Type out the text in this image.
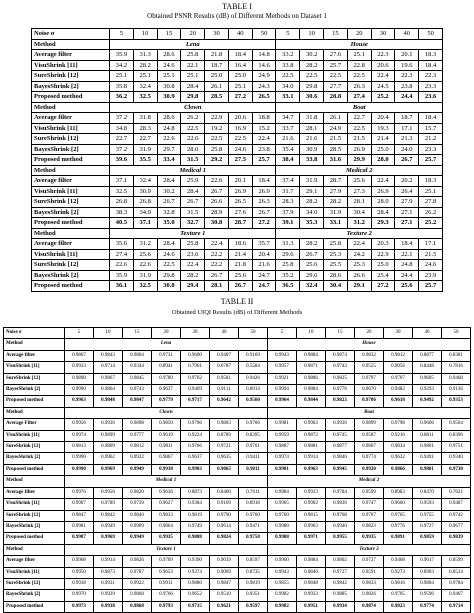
TABLE I
Obtained PSNR Results (dB) of Different Methods on Dataset 1
Noise σ	5	10	15	20	30	40	50	5	10	15	20	30	40	50
Method	Lena							House						
Average filter	35.9	31.3	28.6	25.8	21.8	18.4	14.8	33.2	30.2	27.6	25.1	22.3	20.1	18.3
VisuShrink [11]	34.2	28.2	24.6	22.1	18.7	16.4	14.6	33.8	28.2	25.7	22.8	20.6	19.6	18.4
SureShrink [12]	25.1	25.1	25.1	25.1	25.0	25.0	24.9	22.5	22.5	22.5	22.5	22.4	22.3	22.3
BayesShrink [2]	35.8	32.4	30.8	28.4	26.1	25.1	24.3	34.0	29.8	27.7	26.3	24.5	23.8	23.3
Proposed method	36.2	32.5	30.9	29.8	28.5	27.2	26.5	33.1	30.6	28.8	27.4	25.2	24.4	23.6
Method	Clown							Boat						
Average filter	37.2	31.8	28.6	26.2	22.9	20.6	18.8	34.7	31.8	26.1	22.7	20.4	18.7	18.4
VisuShrink [11]	34.8	28.3	24.8	22.5	19.2	16.9	15.2	33.7	28.1	24.9	22.5	19.3	17.1	15.7
SureShrink [12]	22.7	22.7	22.6	22.6	22.5	22.5	22.4	21.6	21.6	21.5	21.5	21.4	21.3	21.2
BayesShrink [2]	37.2	31.9	29.7	28.0	25.8	24.6	23.8	35.4	30.9	28.5	26.9	25.0	24.0	23.3
Proposed method	39.6	35.5	33.4	31.5	29.2	27.5	25.7	38.4	33.8	31.6	29.9	28.0	26.7	25.7
Method	Medical 1							Medical 2						
Average filter	37.1	32.4	28.4	25.9	22.6	20.1	18.4	37.4	31.9	28.7	25.6	22.4	20.2	18.3
VisuShrink [11]	32.5	30.9	30.2	28.4	26.7	26.9	26.9	31.7	29.1	27.9	27.3	26.9	26.4	25.1
SureShrink [12]	26.8	26.8	26.7	26.7	26.6	26.5	26.3	28.3	28.2	28.2	28.1	28.0	27.9	27.8
BayesShrink [2]	38.3	34.9	32.8	31.5	28.9	27.6	26.7	37.9	34.0	31.9	30.4	28.4	27.1	26.2
Proposed method	40.5	37.1	35.0	32.7	30.8	28.7	27.2	39.1	35.3	33.1	31.2	29.3	27.1	25.2
Method	Texture 1							Texture 2						
Average filter	35.6	31.2	28.4	25.8	22.4	18.6	35.7	31.3	28.2	25.8	22.4	20.3	18.4	17.1
VisuShrink [11]	27.4	25.6	24.6	23.6	22.2	21.4	20.4	29.6	26.7	25.3	24.2	22.9	22.1	21.5
SureShrink [12]	22.6	22.6	22.5	22.4	22.2	21.8	21.6	25.8	25.6	25.5	25.3	25.0	24.8	24.6
BayesShrink [2]	35.9	31.9	29.8	28.2	26.7	25.6	24.7	35.2	29.6	28.6	26.6	25.4	24.4	23.9
Proposed method	36.1	32.5	30.8	29.4	28.1	26.7	24.7	36.5	32.4	30.4	29.1	27.2	25.6	25.7
TABLE II
Obtained UIQI Results (dB) of Different Methods
Noise σ	5	10	15	20	30	40	50	5	10	15	20	30	40	50
Method	Lena							House						
Average filter	0.9867	0.9843	0.9804	0.9731	0.9600	0.9407	0.9169	0.9943	0.9884	0.9874	0.9832	0.9812	0.8877	0.8381
VisuShrink [11]	0.9933	0.9714	0.9344	0.8941	0.7961	0.6787	0.5584	0.9957	0.9871	0.9743	0.9555	0.9056	0.8448	0.7816
SureShrink [12]	0.9890	0.9867	0.9845	0.9789	0.9702	0.9581	0.9426	0.9921	0.9886	0.9825	0.9797	0.9707	0.9605	0.9468
BayesShrink [2]	0.9990	0.9864	0.9743	0.9637	0.9469	0.9111	0.8914	0.9994	0.9884	0.9776	0.9670	0.9482	0.9293	0.9136
Proposed method	0.9963	0.9848	0.9847	0.9779	0.9717	0.9642	0.9560	0.9964	0.9844	0.9823	0.9786	0.9618	0.9492	0.9353
Method	Clown							Boat						
Average Filter	0.9956	0.9936	0.9898	0.9850	0.9706	0.9803	0.9706	0.9981	0.9963	0.9936	0.9899	0.9798	0.9666	0.9504
VisuShrink [11]	0.9974	0.9899	0.9777	0.9619	0.9224	0.8789	0.8395	0.9959	0.9872	0.9745	0.9587	0.9216	0.8811	0.8396
SureShrink [12]	0.9813	0.9809	0.9812	0.9811	0.9766	0.9721	0.9701	0.9887	0.9881	0.9877	0.9867	0.9834	0.9801	0.9751
BayesShrink [2]	0.9990	0.9962	0.9922	0.9867	0.9637	0.9635	0.9411	0.9974	0.9914	0.9846	0.9774	0.9632	0.9491	0.9340
Proposed method	0.9990	0.9969	0.9949	0.9938	0.9903	0.9865	0.9811	0.9981	0.9963	0.9945	0.9920	0.9866	0.9801	0.9738
Method	Medical 1							Medical 2						
Average filter	0.9976	0.9956	0.9820	0.9636	0.8873	0.8460	0.7611	0.9984	0.9933	0.9784	0.9599	0.8983	0.8470	0.7621
VisuShrink [11]	0.9907	0.9789	0.9739	0.9627	0.9384	0.9169	0.8918	0.9965	0.9902	0.9836	0.9747	0.9660	0.9593	0.9487
SureShrink [12]	0.9847	0.9842	0.9840	0.9833	0.9819	0.9790	0.9760	0.9760	0.9815	0.9768	0.9767	0.9765	0.9755	0.9742
BayesShrink [2]	0.9981	0.9949	0.9909	0.9864	0.9749	0.9614	0.9471	0.9980	0.9963	0.9940	0.9823	0.9776	0.9727	0.9677
Proposed method	0.9987	0.9969	0.9949	0.9935	0.9888	0.9824	0.9758	0.9988	0.9971	0.9955	0.9935	0.9891	0.9859	0.9839
Method	Texture 1							Texture 2						
Average filter	0.9968	0.9914	0.9826	0.9709	0.9390	0.9019	0.8597	0.9960	0.9884	0.9802	0.9727	0.9408	0.9017	0.8599
VisuShrink [11]	0.9950	0.9873	0.9787	0.9653	0.9374	0.9069	0.8735	0.9943	0.9846	0.9727	0.9591	0.9273	0.8903	0.8514
SureShrink [12]	0.9938	0.9931	0.9922	0.9911	0.9880	0.9847	0.9819	0.9855	0.9848	0.9842	0.9833	0.9816	0.9804	0.9784
BayesShrink [2]	0.9970	0.9929	0.9868	0.9766	0.9652	0.9510	0.9351	0.9982	0.9933	0.9885	0.9826	0.9705	0.9596	0.9467
Proposed method	0.9973	0.9938	0.9868	0.9793	0.9715	0.9621	0.9597	0.9982	0.9951	0.9934	0.9874	0.9823	0.9774	0.9714
